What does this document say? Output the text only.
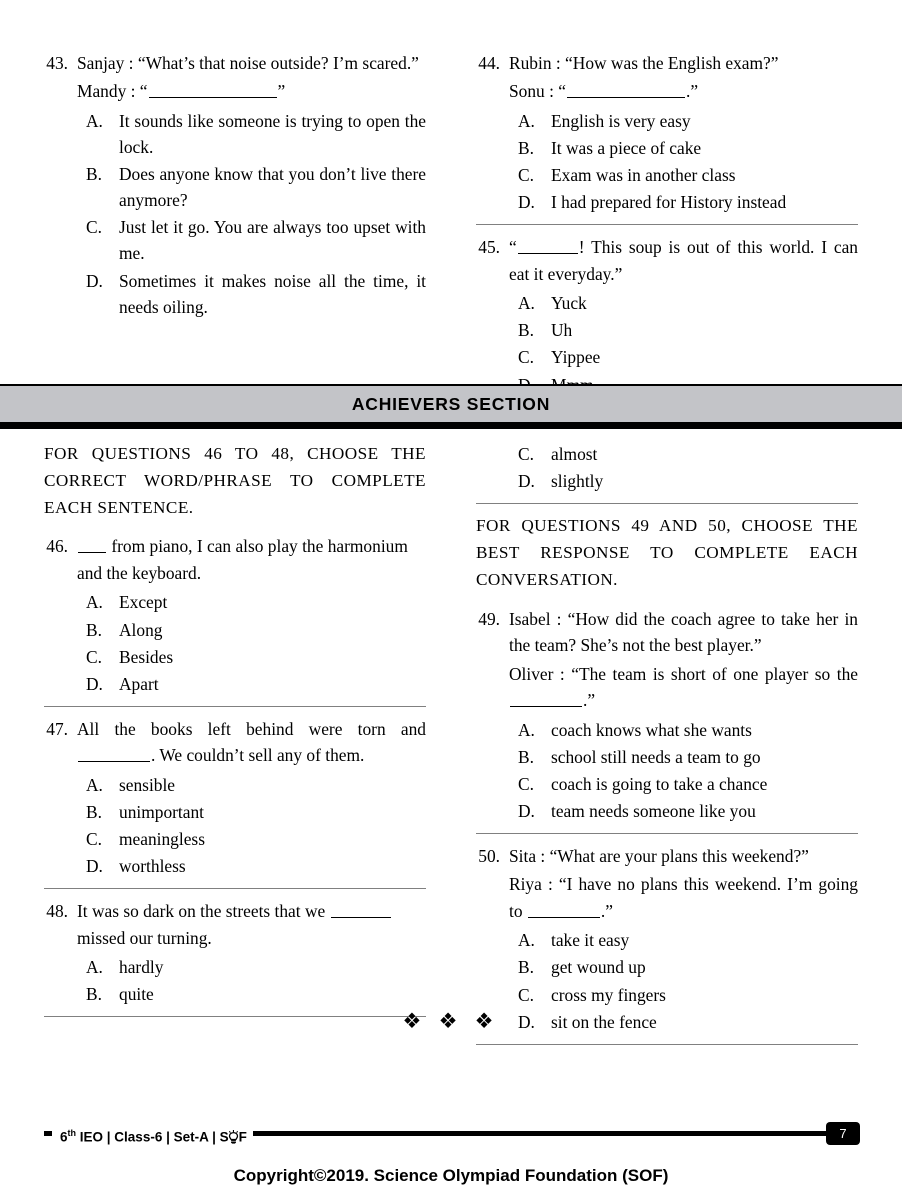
43. Sanjay : “What’s that noise outside? I’m scared.”
Mandy : “	”
A. It sounds like someone is trying to open the lock.
B. Does anyone know that you don’t live there anymore?
C. Just let it go. You are always too upset with me.
D. Sometimes it makes noise all the time, it needs oiling.
44. Rubin : “How was the English exam?”
Sonu : “	.”
A. English is very easy
B. It was a piece of cake
C. Exam was in another class
D. I had prepared for History instead
45. “	! This soup is out of this world. I can eat it everyday.”
A. Yuck
B. Uh
C. Yippee
ACHIEVERS SECTION

FOR QUESTIONS 46 TO 48, CHOOSE THE CORRECT WORD/PHRASE TO COMPLETE EACH SENTENCE.

46.	from piano, I can also play the harmonium and the keyboard.
A. Except
B. Along
C. Besides
D. Apart
47. All the books left behind were torn and . We couldn’t sell any of them.
A. sensible
B. unimportant
C. meaningless
D. worthless
48. It was so dark on the streets that we  missed our turning.
A. hardly
B. quite
C. almost
D. slightly

FOR QUESTIONS 49 AND 50, CHOOSE THE BEST RESPONSE TO COMPLETE EACH CONVERSATION.

49. Isabel : “How did the coach agree to take her in the team? She’s not the best player.”
Oliver : “The team is short of one player so the .”
A. coach knows what she wants
B. school still needs a team to go
C. coach is going to take a chance
D. team needs someone like you
50. Sita : “What are your plans this weekend?”
Riya : “I have no plans this weekend. I’m going to	.”
A. take it easy
B. get wound up
C. cross my fingers
D. sit on the fence
❖ ❖ ❖
6th IEO | Class-6 | Set-A | S F	7
Copyright©2019. Science Olympiad Foundation (SOF)
